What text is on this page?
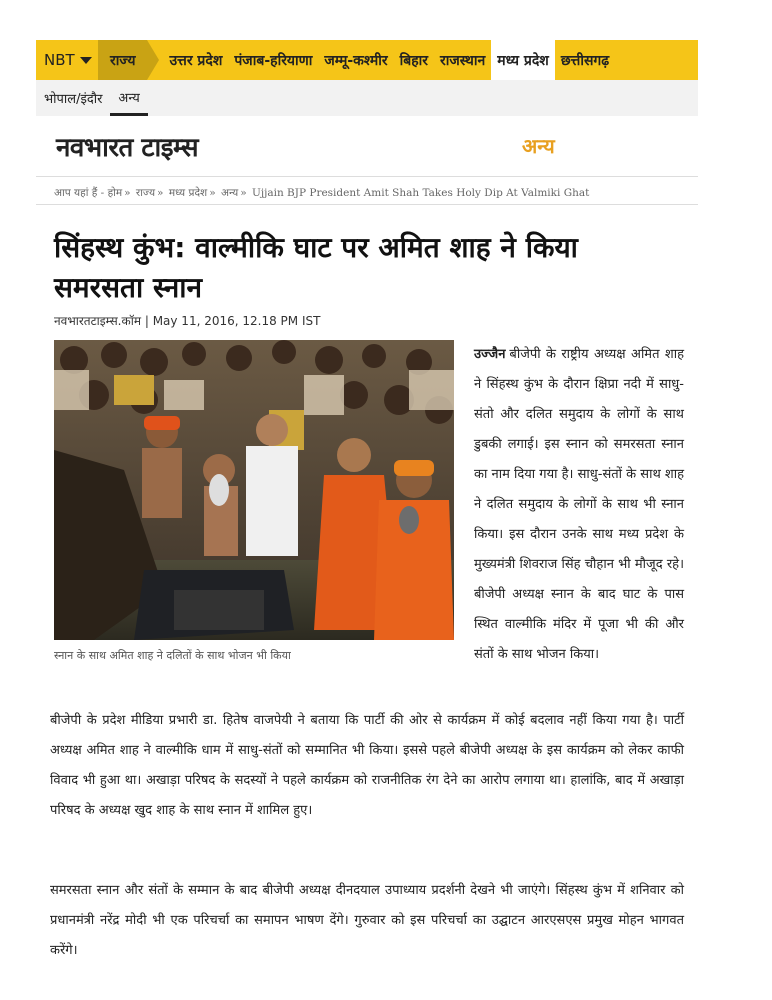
NBT	राज्य	उत्तर प्रदेश पंजाब-हरियाणा जम्मू-कश्मीर बिहार राजस्थान मध्य प्रदेश छत्तीसगढ़
भोपाल/इंदौर	अन्य
नवभारत टाइम्स	अन्य
आप यहां हैं - होम » राज्य » मध्य प्रदेश » अन्य » Ujjain BJP President Amit Shah Takes Holy Dip At Valmiki Ghat
सिंहस्थ कुंभ: वाल्मीकि घाट पर अमित शाह ने किया समरसता स्नान
नवभारतटाइम्स.कॉम | May 11, 2016, 12.18 PM IST
स्नान के साथ अमित शाह ने दलितों के साथ भोजन भी किया
उज्जैन बीजेपी के राष्ट्रीय अध्यक्ष अमित शाह ने सिंहस्थ कुंभ के दौरान क्षिप्रा नदी में साधु-संतो और दलित समुदाय के लोगों के साथ डुबकी लगाई। इस स्नान को समरसता स्नान का नाम दिया गया है। साधु-संतों के साथ शाह ने दलित समुदाय के लोगों के साथ भी स्नान किया। इस दौरान उनके साथ मध्य प्रदेश के मुख्यमंत्री शिवराज सिंह चौहान भी मौजूद रहे। बीजेपी अध्यक्ष स्नान के बाद घाट के पास स्थित वाल्मीकि मंदिर में पूजा भी की और संतों के साथ भोजन किया।

बीजेपी के प्रदेश मीडिया प्रभारी डा. हितेष वाजपेयी ने बताया कि पार्टी की ओर से कार्यक्रम में कोई बदलाव नहीं किया गया है। पार्टी अध्यक्ष अमित शाह ने वाल्मीकि धाम में साधु-संतों को सम्मानित भी किया। इससे पहले बीजेपी अध्यक्ष के इस कार्यक्रम को लेकर काफी विवाद भी हुआ था। अखाड़ा परिषद के सदस्यों ने पहले कार्यक्रम को राजनीतिक रंग देने का आरोप लगाया था। हालांकि, बाद में अखाड़ा परिषद के अध्यक्ष खुद शाह के साथ स्नान में शामिल हुए।

समरसता स्नान और संतों के सम्मान के बाद बीजेपी अध्यक्ष दीनदयाल उपाध्याय प्रदर्शनी देखने भी जाएंगे। सिंहस्थ कुंभ में शनिवार को प्रधानमंत्री नरेंद्र मोदी भी एक परिचर्चा का समापन भाषण देंगे। गुरुवार को इस परिचर्चा का उद्घाटन आरएसएस प्रमुख मोहन भागवत करेंगे।
